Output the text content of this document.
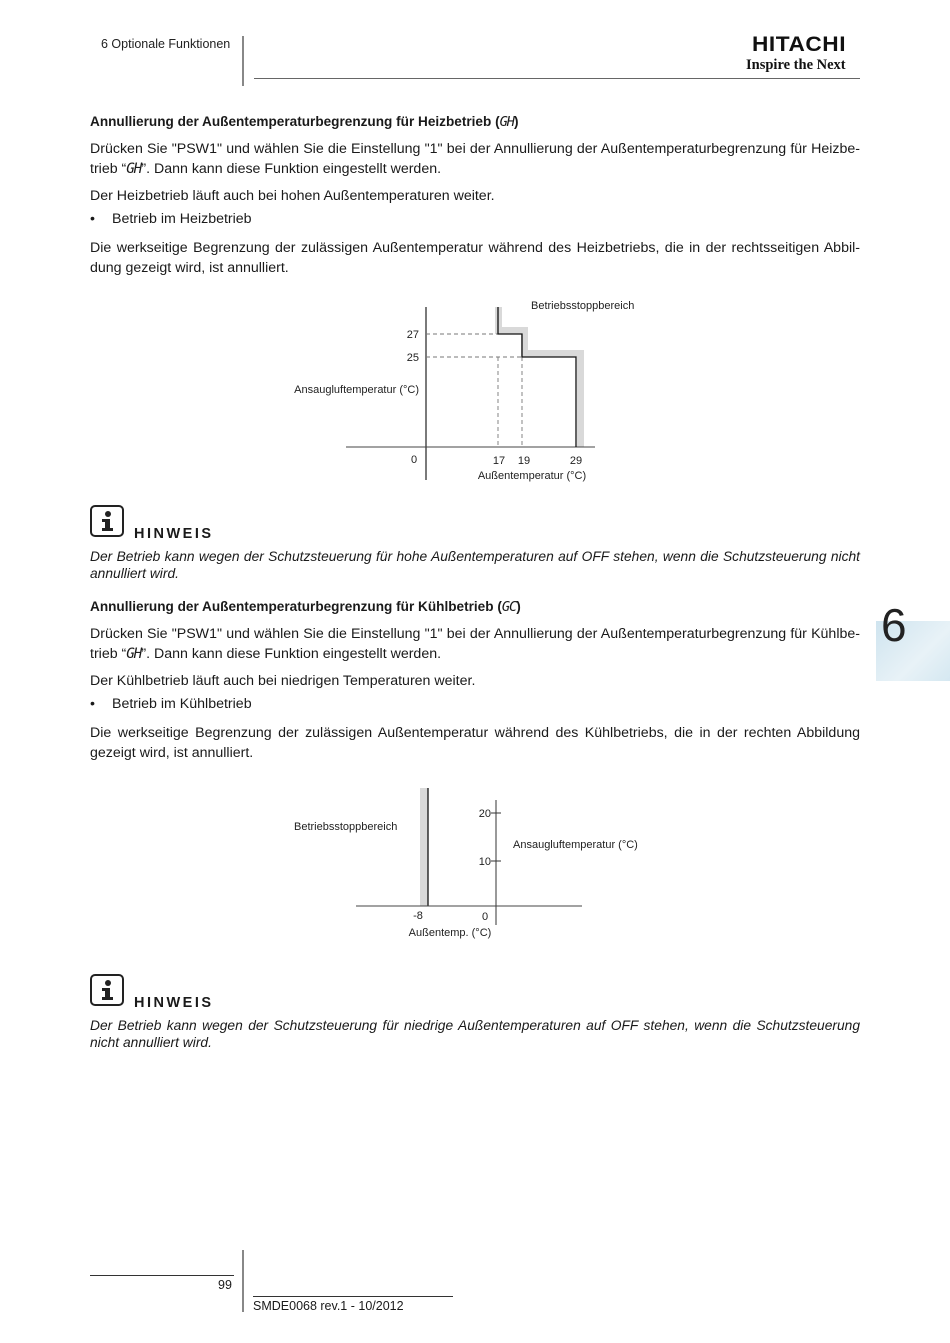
6 Optionale Funktionen	HITACHI
Inspire the Next
Annullierung der Außentemperaturbegrenzung für Heizbetrieb (GH)
Drücken Sie "PSW1" und wählen Sie die Einstellung "1" bei der Annullierung der Außentemperaturbegrenzung für Heizbe-trieb “GH”. Dann kann diese Funktion eingestellt werden.
Der Heizbetrieb läuft auch bei hohen Außentemperaturen weiter.
• Betrieb im Heizbetrieb
Die werkseitige Begrenzung der zulässigen Außentemperatur während des Heizbetriebs, die in der rechtsseitigen Abbil-dung gezeigt wird, ist annulliert.
Betriebsstoppbereich
27
25
Ansaugluftemperatur (°C)
0	17 19	29
Außentemperatur (°C)
HINWEIS
Der Betrieb kann wegen der Schutzsteuerung für hohe Außentemperaturen auf OFF stehen, wenn die Schutzsteuerung nicht annulliert wird.
Annullierung der Außentemperaturbegrenzung für Kühlbetrieb (GC)
Drücken Sie "PSW1" und wählen Sie die Einstellung "1" bei der Annullierung der Außentemperaturbegrenzung für Kühlbe-trieb “GH”. Dann kann diese Funktion eingestellt werden.
Der Kühlbetrieb läuft auch bei niedrigen Temperaturen weiter.
• Betrieb im Kühlbetrieb
Die werkseitige Begrenzung der zulässigen Außentemperatur während des Kühlbetriebs, die in der rechten Abbildung gezeigt wird, ist annulliert.
Betriebsstoppbereich
20
10
Ansaugluftemperatur (°C)
-8	0
Außentemp. (°C)
HINWEIS
Der Betrieb kann wegen der Schutzsteuerung für niedrige Außentemperaturen auf OFF stehen, wenn die Schutzsteuerung nicht annulliert wird.
6
99
SMDE0068 rev.1 - 10/2012
